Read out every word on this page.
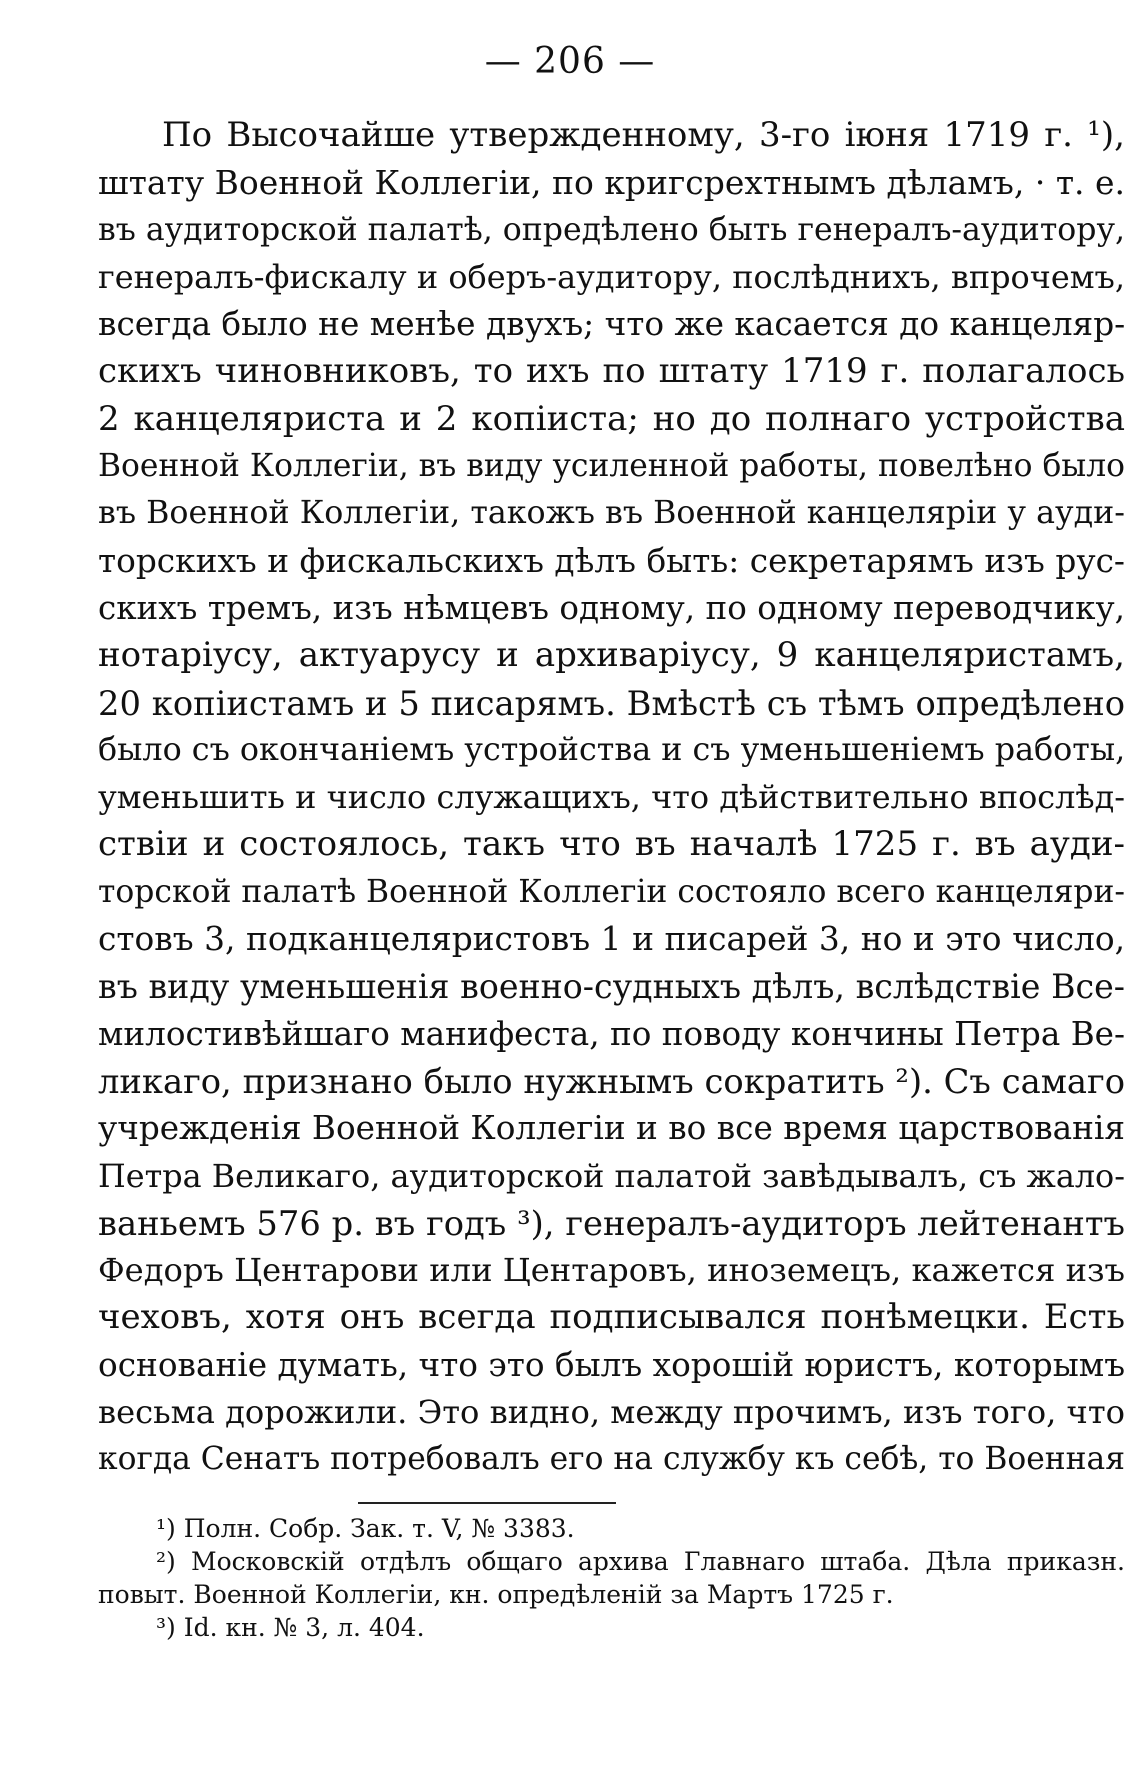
— 206 —
По Высочайше утвержденному, 3-го іюня 1719 г. ¹),
штату Военной Коллегіи, по кригсрехтнымъ дѣламъ, · т. е.
въ аудиторской палатѣ, опредѣлено быть генералъ-аудитору,
генералъ-фискалу и оберъ-аудитору, послѣднихъ, впрочемъ,
всегда было не менѣе двухъ; что же касается до канцеляр-
скихъ чиновниковъ, то ихъ по штату 1719 г. полагалось
2 канцеляриста и 2 копіиста; но до полнаго устройства
Военной Коллегіи, въ виду усиленной работы, повелѣно было
въ Военной Коллегіи, такожъ въ Военной канцеляріи у ауди-
торскихъ и фискальскихъ дѣлъ быть: секретарямъ изъ рус-
скихъ тремъ, изъ нѣмцевъ одному, по одному переводчику,
нотаріусу, актуарусу и архиваріусу, 9 канцеляристамъ,
20 копіистамъ и 5 писарямъ. Вмѣстѣ съ тѣмъ опредѣлено
было съ окончаніемъ устройства и съ уменьшеніемъ работы,
уменьшить и число служащихъ, что дѣйствительно впослѣд-
ствіи и состоялось, такъ что въ началѣ 1725 г. въ ауди-
торской палатѣ Военной Коллегіи состояло всего канцеляри-
стовъ 3, подканцеляристовъ 1 и писарей 3, но и это число,
въ виду уменьшенія военно-судныхъ дѣлъ, вслѣдствіе Все-
милостивѣйшаго манифеста, по поводу кончины Петра Ве-
ликаго, признано было нужнымъ сократить ²). Съ самаго
учрежденія Военной Коллегіи и во все время царствованія
Петра Великаго, аудиторской палатой завѣдывалъ, съ жало-
ваньемъ 576 р. въ годъ ³), генералъ-аудиторъ лейтенантъ
Федоръ Центарови или Центаровъ, иноземецъ, кажется изъ
чеховъ, хотя онъ всегда подписывался понѣмецки. Есть
основаніе думать, что это былъ хорошій юристъ, которымъ
весьма дорожили. Это видно, между прочимъ, изъ того, что
когда Сенатъ потребовалъ его на службу къ себѣ, то Военная
¹) Полн. Собр. Зак. т. V, № 3383.
²) Московскій отдѣлъ общаго архива Главнаго штаба. Дѣла приказн.
повыт. Военной Коллегіи, кн. опредѣленій за Мартъ 1725 г.
³) Id. кн. № 3, л. 404.
